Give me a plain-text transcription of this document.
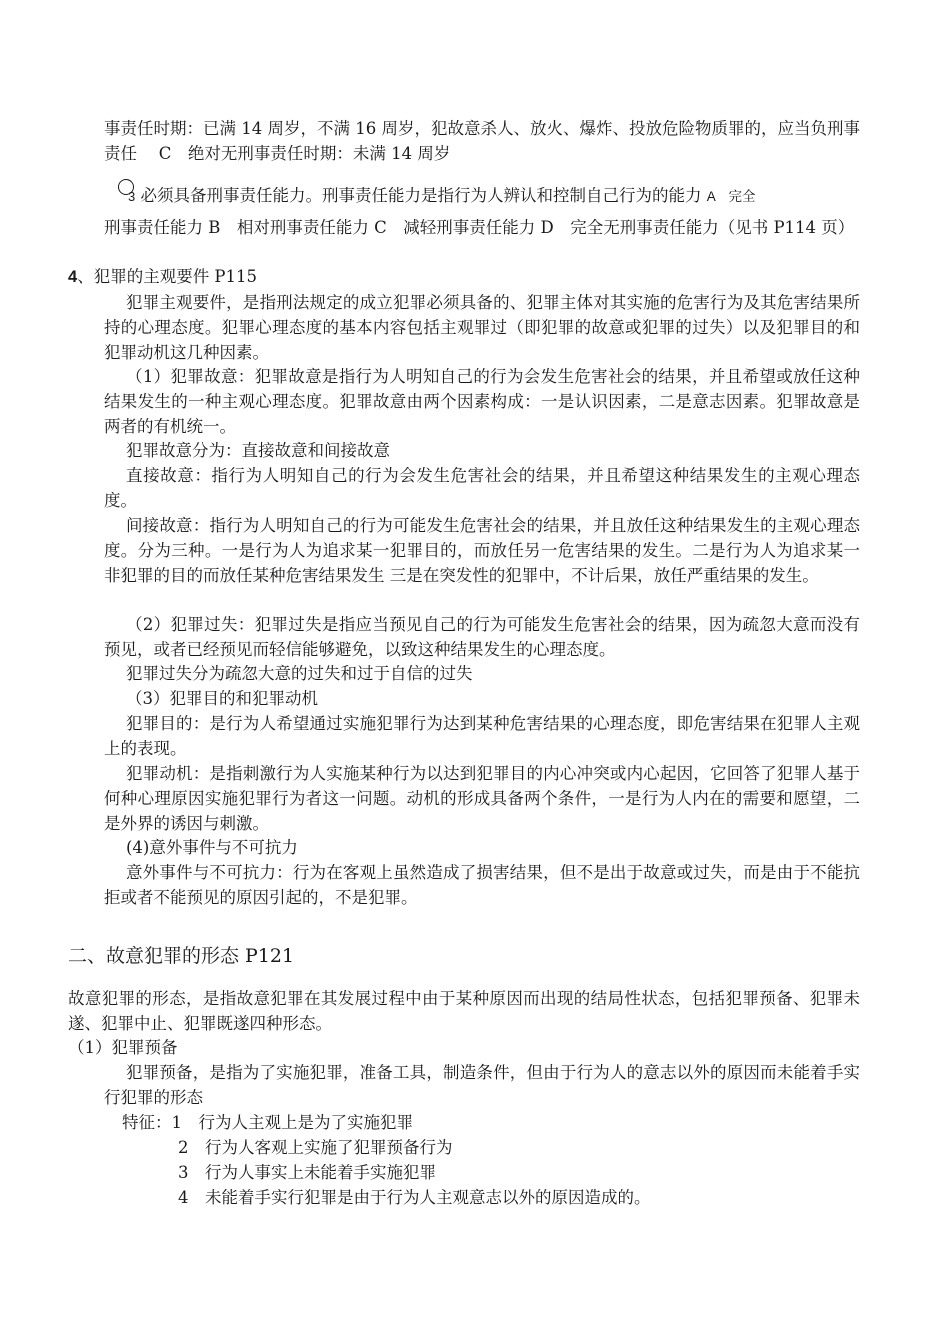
事责任时期：已满 14 周岁，不满 16 周岁，犯故意杀人、放火、爆炸、投放危险物质罪的，应当负刑事责任　 C　绝对无刑事责任时期：未满 14 周岁

3 必须具备刑事责任能力。刑事责任能力是指行为人辨认和控制自己行为的能力 A　完全

刑事责任能力 B　相对刑事责任能力 C　减轻刑事责任能力 D　完全无刑事责任能力（见书 P114 页）

4、犯罪的主观要件 P115

犯罪主观要件，是指刑法规定的成立犯罪必须具备的、犯罪主体对其实施的危害行为及其危害结果所持的心理态度。犯罪心理态度的基本内容包括主观罪过（即犯罪的故意或犯罪的过失）以及犯罪目的和犯罪动机这几种因素。

（1）犯罪故意：犯罪故意是指行为人明知自己的行为会发生危害社会的结果，并且希望或放任这种结果发生的一种主观心理态度。犯罪故意由两个因素构成：一是认识因素，二是意志因素。犯罪故意是两者的有机统一。

犯罪故意分为：直接故意和间接故意

直接故意：指行为人明知自己的行为会发生危害社会的结果，并且希望这种结果发生的主观心理态度。

间接故意：指行为人明知自己的行为可能发生危害社会的结果，并且放任这种结果发生的主观心理态度。分为三种。一是行为人为追求某一犯罪目的，而放任另一危害结果的发生。二是行为人为追求某一非犯罪的目的而放任某种危害结果发生 三是在突发性的犯罪中，不计后果，放任严重结果的发生。

（2）犯罪过失：犯罪过失是指应当预见自己的行为可能发生危害社会的结果，因为疏忽大意而没有预见，或者已经预见而轻信能够避免，以致这种结果发生的心理态度。

犯罪过失分为疏忽大意的过失和过于自信的过失

（3）犯罪目的和犯罪动机

犯罪目的：是行为人希望通过实施犯罪行为达到某种危害结果的心理态度，即危害结果在犯罪人主观上的表现。

犯罪动机：是指刺激行为人实施某种行为以达到犯罪目的内心冲突或内心起因，它回答了犯罪人基于何种心理原因实施犯罪行为者这一问题。动机的形成具备两个条件，一是行为人内在的需要和愿望，二是外界的诱因与刺激。

(4)意外事件与不可抗力

意外事件与不可抗力：行为在客观上虽然造成了损害结果，但不是出于故意或过失，而是由于不能抗拒或者不能预见的原因引起的，不是犯罪。

二、故意犯罪的形态 P121

故意犯罪的形态，是指故意犯罪在其发展过程中由于某种原因而出现的结局性状态，包括犯罪预备、犯罪未遂、犯罪中止、犯罪既遂四种形态。

（1）犯罪预备

犯罪预备，是指为了实施犯罪，准备工具，制造条件，但由于行为人的意志以外的原因而未能着手实行犯罪的形态

特征：1　行为人主观上是为了实施犯罪

2　行为人客观上实施了犯罪预备行为

3　行为人事实上未能着手实施犯罪

4　未能着手实行犯罪是由于行为人主观意志以外的原因造成的。
